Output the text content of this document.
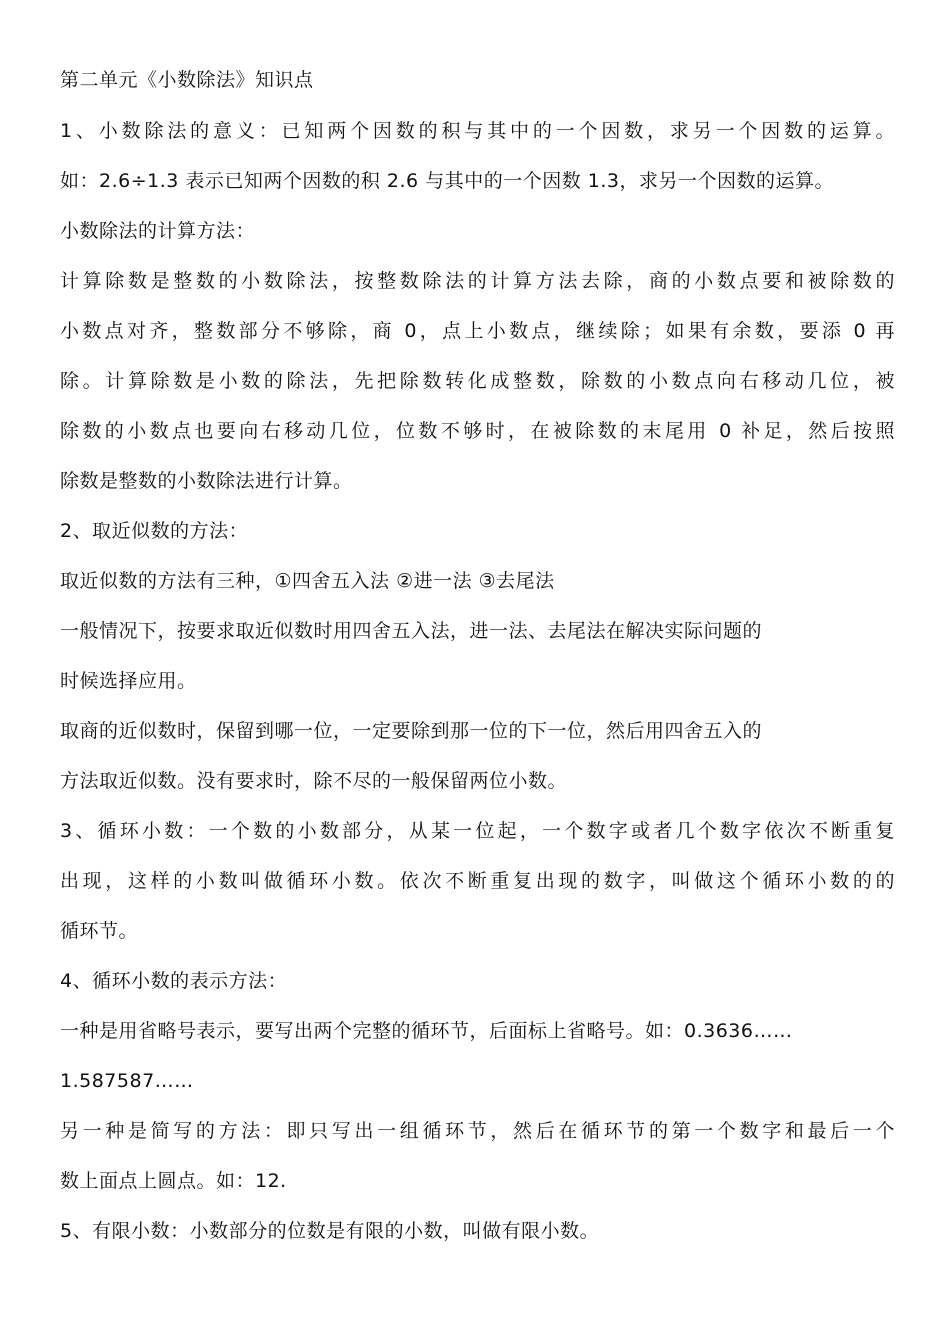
第二单元《小数除法》知识点
1、小数除法的意义：已知两个因数的积与其中的一个因数，求另一个因数的运算。
如：2.6÷1.3 表示已知两个因数的积 2.6 与其中的一个因数 1.3，求另一个因数的运算。
小数除法的计算方法：
计算除数是整数的小数除法，按整数除法的计算方法去除，商的小数点要和被除数的
小数点对齐，整数部分不够除，商 0，点上小数点，继续除；如果有余数，要添 0 再
除。计算除数是小数的除法，先把除数转化成整数，除数的小数点向右移动几位，被
除数的小数点也要向右移动几位，位数不够时，在被除数的末尾用 0 补足，然后按照
除数是整数的小数除法进行计算。
2、取近似数的方法：
取近似数的方法有三种，①四舍五入法 ②进一法 ③去尾法
一般情况下，按要求取近似数时用四舍五入法，进一法、去尾法在解决实际问题的
时候选择应用。
取商的近似数时，保留到哪一位，一定要除到那一位的下一位，然后用四舍五入的
方法取近似数。没有要求时，除不尽的一般保留两位小数。
3、循环小数：一个数的小数部分，从某一位起，一个数字或者几个数字依次不断重复
出现，这样的小数叫做循环小数。依次不断重复出现的数字，叫做这个循环小数的的
循环节。
4、循环小数的表示方法：
一种是用省略号表示，要写出两个完整的循环节，后面标上省略号。如：0.3636……
1.587587……
另一种是简写的方法：即只写出一组循环节，然后在循环节的第一个数字和最后一个
数上面点上圆点。如：12.
5、有限小数：小数部分的位数是有限的小数，叫做有限小数。
